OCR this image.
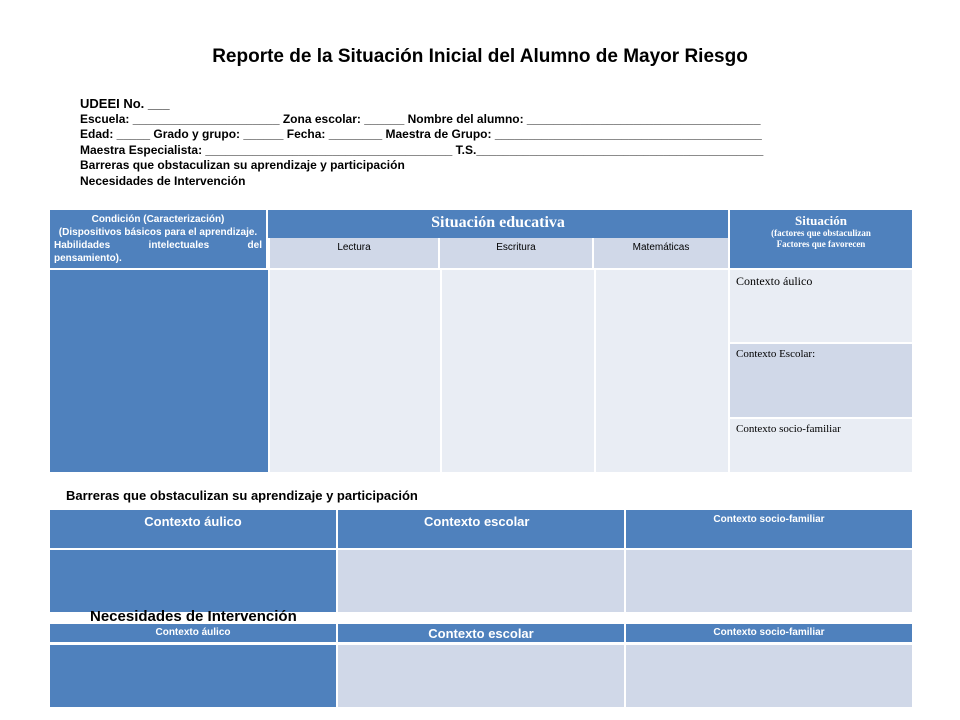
Reporte de la Situación Inicial del Alumno de Mayor Riesgo
UDEEI No. ___
Escuela: ______________________ Zona escolar: ______ Nombre del alumno: ___________________________________
Edad: _____ Grado y grupo: ______ Fecha: ________ Maestra de Grupo: ________________________________________
Maestra Especialista: _____________________________________ T.S.___________________________________________
Barreras que obstaculizan su aprendizaje y participación
Necesidades de Intervención
Condición (Caracterización)
(Dispositivos básicos para el aprendizaje.
Habilidades intelectuales del
pensamiento).
Situación educativa
Lectura	Escritura	Matemáticas
Situación
(factores que obstaculizan
Factores que favorecen
Contexto áulico
Contexto Escolar:
Contexto socio-familiar
Barreras que obstaculizan su aprendizaje y participación
Contexto áulico	Contexto escolar	Contexto socio-familiar
Contexto áulico	Contexto escolar	Contexto socio-familiar
Necesidades de Intervención
